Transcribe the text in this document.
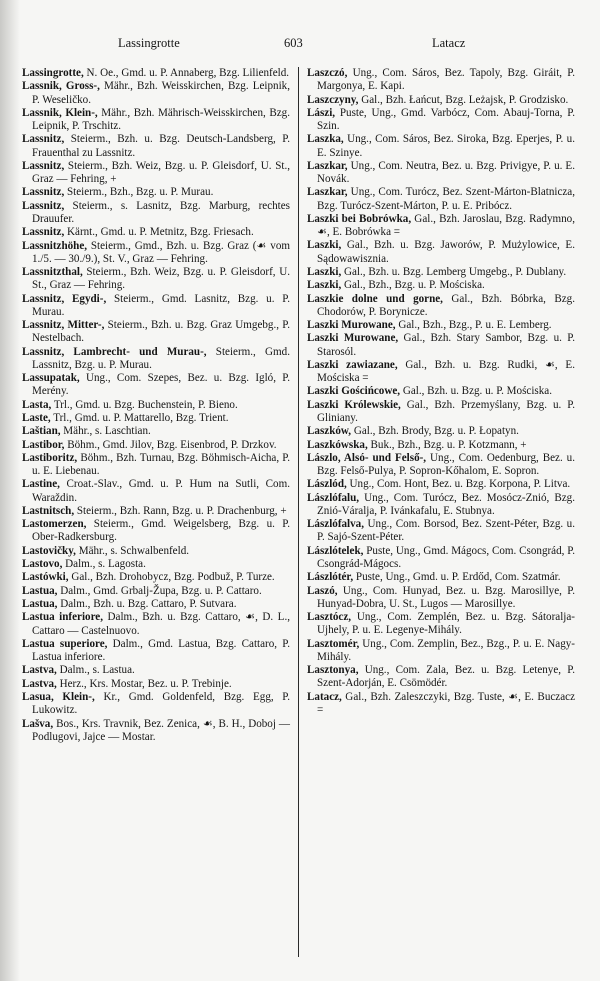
Lassingrotte	603	Latacz

Lassingrotte, N. Oe., Gmd. u. P. Annaberg, Bzg. Lilienfeld.

Lassnik, Gross-, Mähr., Bzh. Weisskirchen, Bzg. Leipnik, P. Weseličko.

Lassnik, Klein-, Mähr., Bzh. Mährisch-Weisskirchen, Bzg. Leipnik, P. Trschitz.

Lassnitz, Steierm., Bzh. u. Bzg. Deutsch-Landsberg, P. Frauenthal zu Lassnitz.

Lassnitz, Steierm., Bzh. Weiz, Bzg. u. P. Gleisdorf, U. St., Graz — Fehring, +

Lassnitz, Steierm., Bzh., Bzg. u. P. Murau.

Lassnitz, Steierm., s. Lasnitz, Bzg. Marburg, rechtes Drauufer.

Lassnitz, Kärnt., Gmd. u. P. Metnitz, Bzg. Friesach.

Lassnitzhöhe, Steierm., Gmd., Bzh. u. Bzg. Graz (☙ vom 1./5. — 30./9.), St. V., Graz — Fehring.

Lassnitzthal, Steierm., Bzh. Weiz, Bzg. u. P. Gleisdorf, U. St., Graz — Fehring.

Lassnitz, Egydi-, Steierm., Gmd. Lasnitz, Bzg. u. P. Murau.

Lassnitz, Mitter-, Steierm., Bzh. u. Bzg. Graz Umgebg., P. Nestelbach.

Lassnitz, Lambrecht- und Murau-, Steierm., Gmd. Lassnitz, Bzg. u. P. Murau.

Lassupatak, Ung., Com. Szepes, Bez. u. Bzg. Igló, P. Merény.

Lasta, Trl., Gmd. u. Bzg. Buchenstein, P. Bieno.

Laste, Trl., Gmd. u. P. Mattarello, Bzg. Trient.

Laštian, Mähr., s. Laschtian.

Lastibor, Böhm., Gmd. Jilov, Bzg. Eisenbrod, P. Drzkov.

Lastiboritz, Böhm., Bzh. Turnau, Bzg. Böhmisch-Aicha, P. u. E. Liebenau.

Lastine, Croat.-Slav., Gmd. u. P. Hum na Sutli, Com. Waraždin.

Lastnitsch, Steierm., Bzh. Rann, Bzg. u. P. Drachenburg, +

Lastomerzen, Steierm., Gmd. Weigelsberg, Bzg. u. P. Ober-Radkersburg.

Lastovičky, Mähr., s. Schwalbenfeld.

Lastovo, Dalm., s. Lagosta.

Lastówki, Gal., Bzh. Drohobycz, Bzg. Podbuž, P. Turze.

Lastua, Dalm., Gmd. Grbalj-Župa, Bzg. u. P. Cattaro.

Lastua, Dalm., Bzh. u. Bzg. Cattaro, P. Sutvara.

Lastua inferiore, Dalm., Bzh. u. Bzg. Cattaro, ☙, D. L., Cattaro — Castelnuovo.

Lastua superiore, Dalm., Gmd. Lastua, Bzg. Cattaro, P. Lastua inferiore.

Lastva, Dalm., s. Lastua.

Lastva, Herz., Krs. Mostar, Bez. u. P. Trebinje.

Lasua, Klein-, Kr., Gmd. Goldenfeld, Bzg. Egg, P. Lukowitz.

Lašva, Bos., Krs. Travnik, Bez. Zenica, ☙, B. H., Doboj — Podlugovi, Jajce — Mostar.

Laszczó, Ung., Com. Sáros, Bez. Tapoly, Bzg. Giráit, P. Margonya, E. Kapi.

Laszczyny, Gal., Bzh. Łańcut, Bzg. Leżajsk, P. Grodzisko.

Lászi, Puste, Ung., Gmd. Varbócz, Com. Abauj-Torna, P. Szin.

Laszka, Ung., Com. Sáros, Bez. Sirokа, Bzg. Eperjes, P. u. E. Szinye.

Laszkar, Ung., Com. Neutra, Bez. u. Bzg. Privigye, P. u. E. Novák.

Laszkar, Ung., Com. Turócz, Bez. Szent-Márton-Blatnicza, Bzg. Turócz-Szent-Márton, P. u. E. Pribócz.

Laszki bei Bobrówka, Gal., Bzh. Jaroslau, Bzg. Radymno, ☙, E. Bobrówka =

Laszki, Gal., Bzh. u. Bzg. Jaworów, P. Mużylowice, E. Sądowawisznia.

Laszki, Gal., Bzh. u. Bzg. Lemberg Umgebg., P. Dublany.

Laszki, Gal., Bzh., Bzg. u. P. Mościska.

Laszkie dolne und gorne, Gal., Bzh. Bóbrka, Bzg. Chodorów, P. Borynicze.

Laszki Murowane, Gal., Bzh., Bzg., P. u. E. Lemberg.

Laszki Murowane, Gal., Bzh. Stary Sambor, Bzg. u. P. Starosól.

Laszki zawiazane, Gal., Bzh. u. Bzg. Rudki, ☙, E. Mościska =

Laszki Gościńcowe, Gal., Bzh. u. Bzg. u. P. Mościska.

Laszki Królewskie, Gal., Bzh. Przemyślany, Bzg. u. P. Gliniany.

Laszków, Gal., Bzh. Brody, Bzg. u. P. Łopatyn.

Laszkówska, Buk., Bzh., Bzg. u. P. Kotzmann, +

Lászlo, Alsó- und Felső-, Ung., Com. Oedenburg, Bez. u. Bzg. Felső-Pulya, P. Sopron-Kőhalom, E. Sopron.

Lászlód, Ung., Com. Hont, Bez. u. Bzg. Korpona, P. Litva.

Lászlófalu, Ung., Com. Turócz, Bez. Mosócz-Znió, Bzg. Znió-Váralja, P. Ivánkafalu, E. Stubnya.

Lászlófalva, Ung., Com. Borsod, Bez. Szent-Péter, Bzg. u. P. Sajó-Szent-Péter.

Lászlótelek, Puste, Ung., Gmd. Mágocs, Com. Csongrád, P. Csongrád-Mágocs.

Lászlótér, Puste, Ung., Gmd. u. P. Erdőd, Com. Szatmár.

Laszó, Ung., Com. Hunyad, Bez. u. Bzg. Marosillye, P. Hunyad-Dobra, U. St., Lugos — Marosillye.

Lasztócz, Ung., Com. Zemplén, Bez. u. Bzg. Sátoralja-Ujhely, P. u. E. Legenye-Mihály.

Lasztomér, Ung., Com. Zemplin, Bez., Bzg., P. u. E. Nagy-Mihály.

Lasztonya, Ung., Com. Zala, Bez. u. Bzg. Letenye, P. Szent-Adorján, E. Csömödér.

Latacz, Gal., Bzh. Zaleszczyki, Bzg. Tuste, ☙, E. Buczacz =
